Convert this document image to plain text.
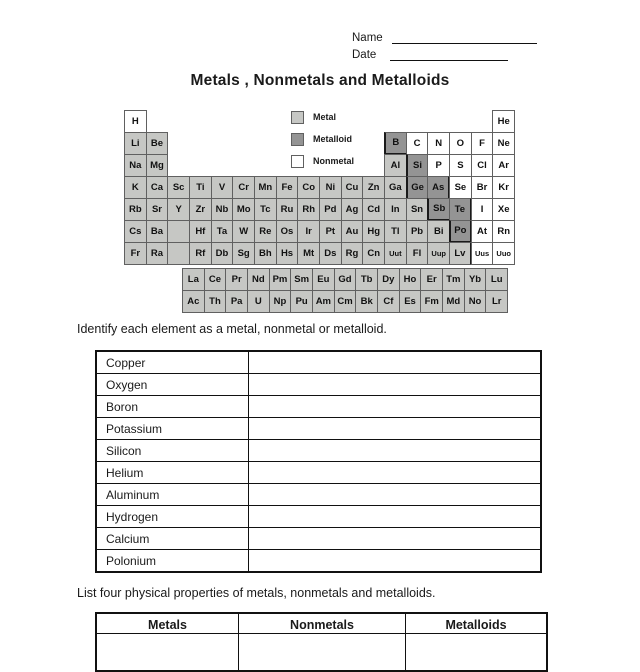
Name
Date
Metals , Nonmetals and Metalloids
H	He
Li Be	B C N O F Ne
Na Mg	Al Si P S Cl Ar
K Ca Sc Ti V Cr Mn Fe Co Ni Cu Zn Ga Ge As Se Br Kr
Rb Sr Y Zr Nb Mo Tc Ru Rh Pd Ag Cd In Sn Sb Te I Xe
Cs Ba	Hf Ta W Re Os Ir Pt Au Hg Tl Pb Bi Po At Rn
Fr Ra	Rf Db Sg Bh Hs Mt Ds Rg Cn Uut Fl Uup Lv Uus Uuo
La Ce Pr Nd Pm Sm Eu Gd Tb Dy Ho Er Tm Yb Lu
Ac Th Pa U Np Pu Am Cm Bk Cf Es Fm Md No Lr
Metal
Metalloid
Nonmetal
Identify each element as a metal, nonmetal or metalloid.
Copper
Oxygen
Boron
Potassium
Silicon
Helium
Aluminum
Hydrogen
Calcium
Polonium
List four physical properties of metals, nonmetals and metalloids.
Metals	Nonmetals	Metalloids
